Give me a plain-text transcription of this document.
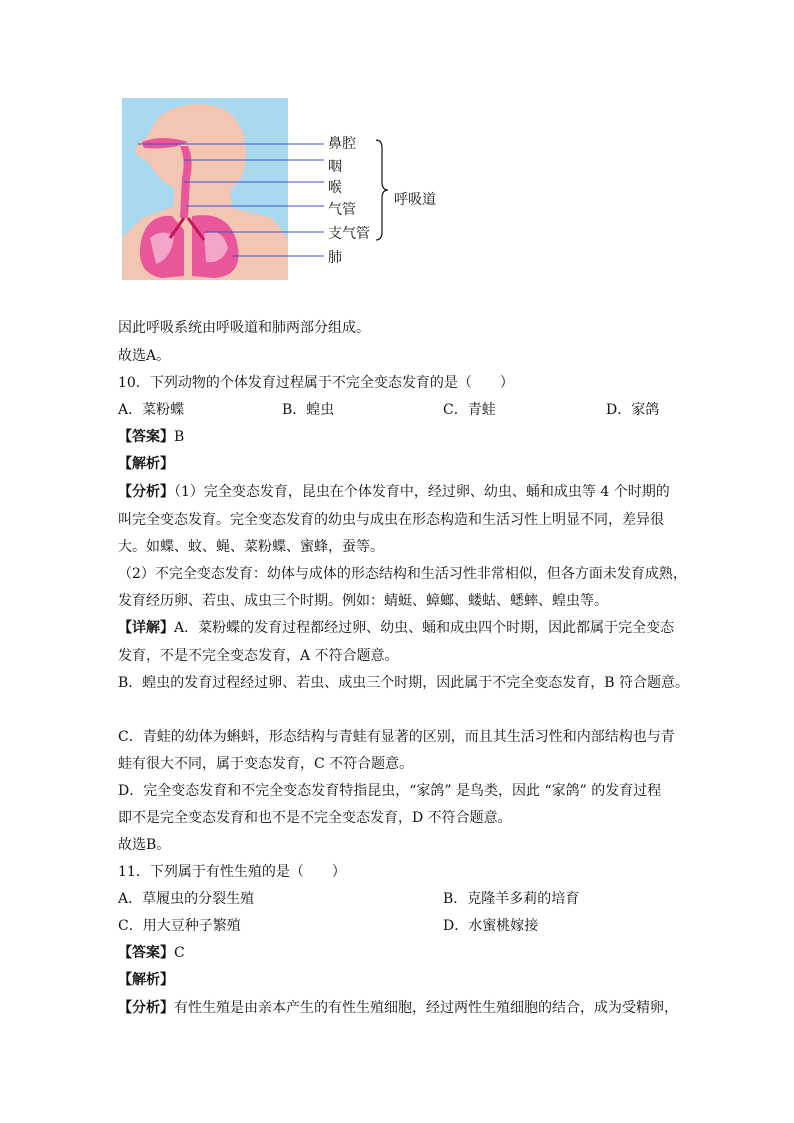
鼻腔
咽
喉
气管
支气管
肺
呼吸道
因此呼吸系统由呼吸道和肺两部分组成。
故选A。
10．下列动物的个体发育过程属于不完全变态发育的是（　　）
A．菜粉蝶	B．蝗虫	C．青蛙	D．家鸽
【答案】B
【解析】
【分析】（1）完全变态发育，昆虫在个体发育中，经过卵、幼虫、蛹和成虫等 4 个时期的
叫完全变态发育。完全变态发育的幼虫与成虫在形态构造和生活习性上明显不同，差异很
大。如蝶、蚊、蝇、菜粉蝶、蜜蜂，蚕等。
（2）不完全变态发育：幼体与成体的形态结构和生活习性非常相似，但各方面未发育成熟，
发育经历卵、若虫、成虫三个时期。例如：蜻蜓、蟑螂、蝼蛄、蟋蟀、蝗虫等。
【详解】A．菜粉蝶的发育过程都经过卵、幼虫、蛹和成虫四个时期，因此都属于完全变态
发育，不是不完全变态发育，A 不符合题意。
B．蝗虫的发育过程经过卵、若虫、成虫三个时期，因此属于不完全变态发育，B 符合题意。
C．青蛙的幼体为蝌蚪，形态结构与青蛙有显著的区别，而且其生活习性和内部结构也与青
蛙有很大不同，属于变态发育，C 不符合题意。
D．完全变态发育和不完全变态发育特指昆虫，“家鸽” 是鸟类，因此 “家鸽” 的发育过程
即不是完全变态发育和也不是不完全变态发育，D 不符合题意。
故选B。
11．下列属于有性生殖的是（　　）
A．草履虫的分裂生殖	B．克隆羊多莉的培育
C．用大豆种子繁殖	D．水蜜桃嫁接
【答案】C
【解析】
【分析】有性生殖是由亲本产生的有性生殖细胞，经过两性生殖细胞的结合，成为受精卵，
